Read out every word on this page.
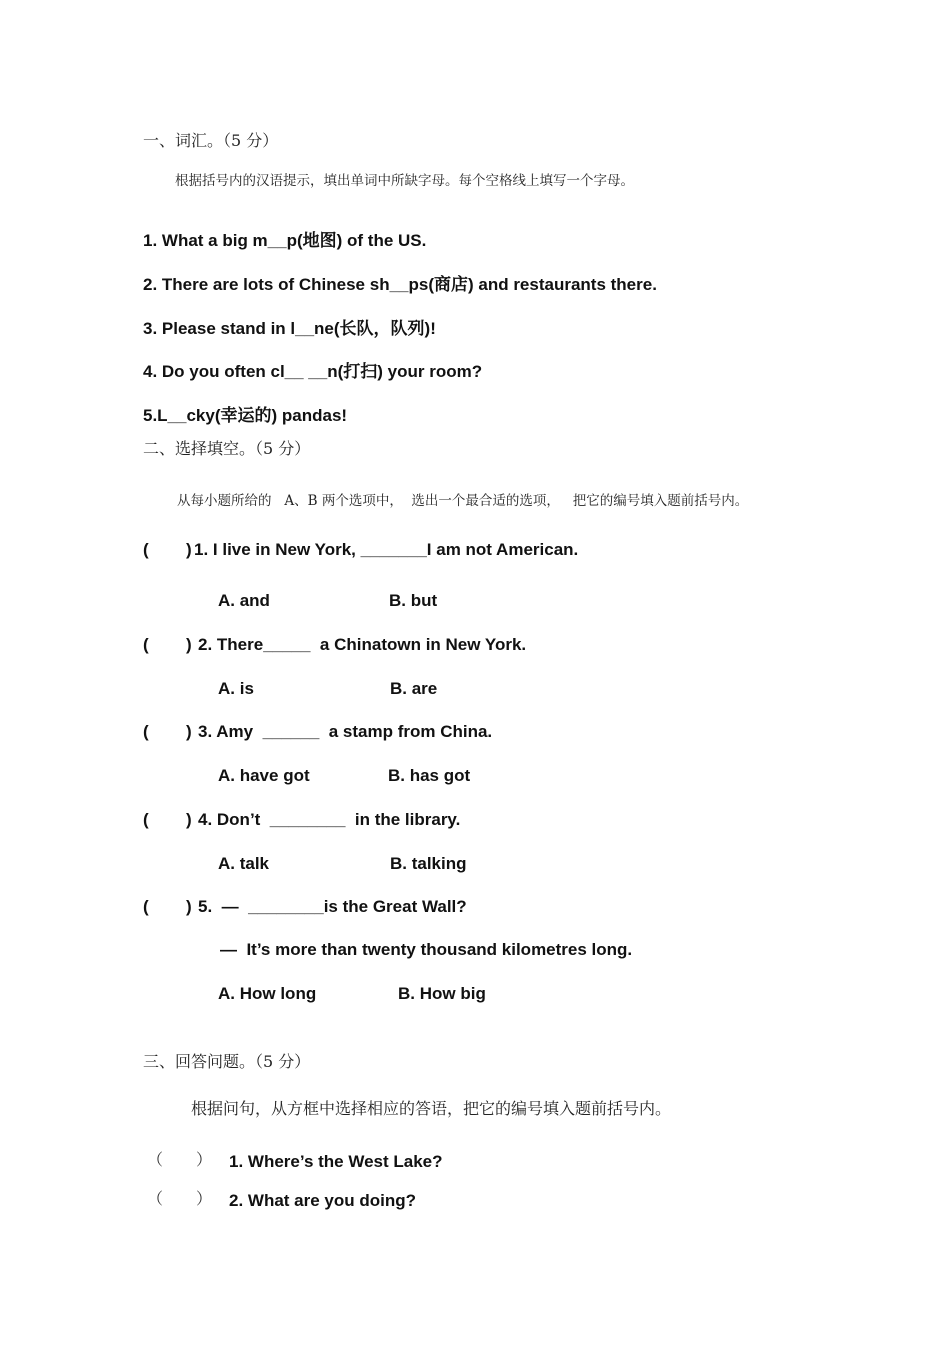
一、词汇。（5 分）
根据括号内的汉语提示，填出单词中所缺字母。每个空格线上填写一个字母。
1. What a big m__p(地图) of the US.
2. There are lots of Chinese sh__ps(商店) and restaurants there.
3. Please stand in l__ne(长队，队列)!
4. Do you often cl__ __n(打扫) your room?
5.L__cky(幸运的) pandas!
二、选择填空。（5 分）
从每小题所给的   A、B 两个选项中，  选出一个最合适的选项，   把它的编号填入题前括号内。
( ) 1. I live in New York, _______I am not American.
A. and	B. but
( ) 2. There_____  a Chinatown in New York.
A. is	B. are
( ) 3. Amy  ______  a stamp from China.
A. have got	B. has got
( ) 4. Don’t  ________  in the library.
A. talk	B. talking
( ) 5.  —  ________is the Great Wall?
—  It’s more than twenty thousand kilometres long.
A. How long	B. How big
三、回答问题。（5 分）
根据问句，从方框中选择相应的答语，把它的编号填入题前括号内。
（ ） 1. Where’s the West Lake?
（ ） 2. What are you doing?
